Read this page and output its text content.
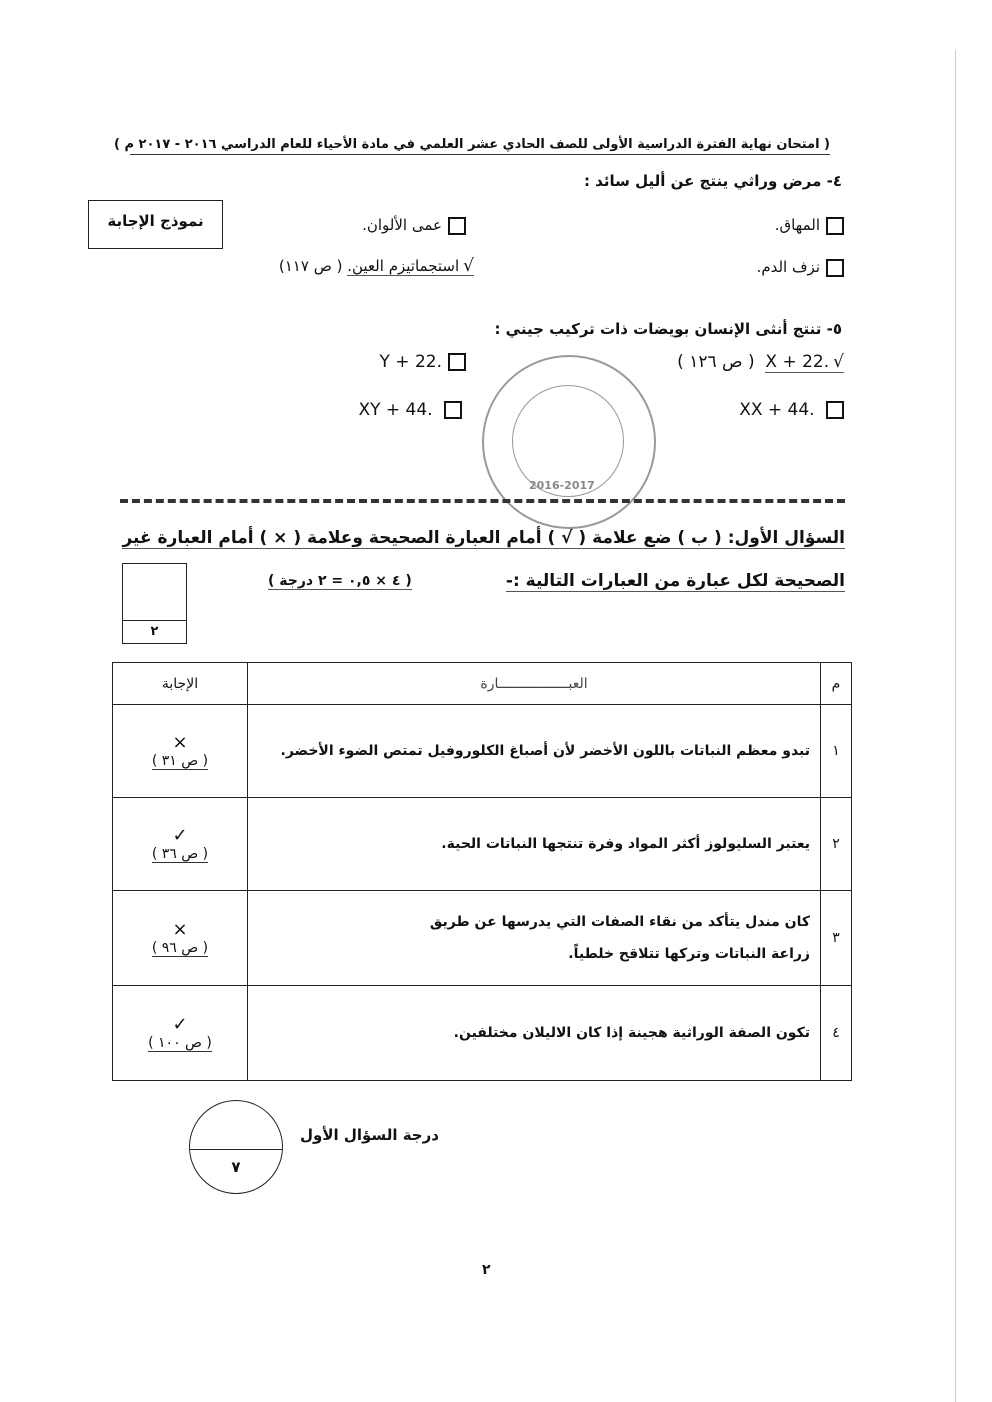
( امتحان نهاية الفترة الدراسية الأولى للصف الحادي عشر العلمي في مادة الأحياء للعام الدراسي ٢٠١٦ - ٢٠١٧ م )
٤- مرض وراثي ينتج عن أليل سائد :
نموذج الإجابة	المهاق.
عمى الألوان.
نزف الدم.
√استجماتيزم العين. ( ص ١١٧)
٥- تنتج أنثى الإنسان بويضات ذات تركيب جيني :
√X + 22.  ( ص ١٢٦ )
Y + 22.
XX + 44.
XY + 44.
2016-2017
السؤال الأول: ( ب ) ضع علامة ( √ ) أمام العبارة الصحيحة وعلامة ( × ) أمام العبارة غير
الصحيحة لكل عبارة من العبارات التالية :-
( ٤ × ٠,٥ = ٢ درجة )
٢
الإجابة	العبـــــــــــــــــارة	م

×
( ص ٣١ )	تبدو معظم النباتات باللون الأخضر لأن أصباغ الكلوروفيل تمتص الضوء الأخضر.	١

✓
( ص ٣٦ )	يعتبر السليولوز أكثر المواد وفرة تنتجها النباتات الحية.	٢

×
( ص ٩٦ )	كان مندل يتأكد من نقاء الصفات التي يدرسها عن طريق زراعة النباتات وتركها تتلاقح خلطياً.	٣

✓
( ص ١٠٠ )	تكون الصفة الوراثية هجينة إذا كان الاليلان مختلفين.	٤
درجة السؤال الأول
٧
٢
